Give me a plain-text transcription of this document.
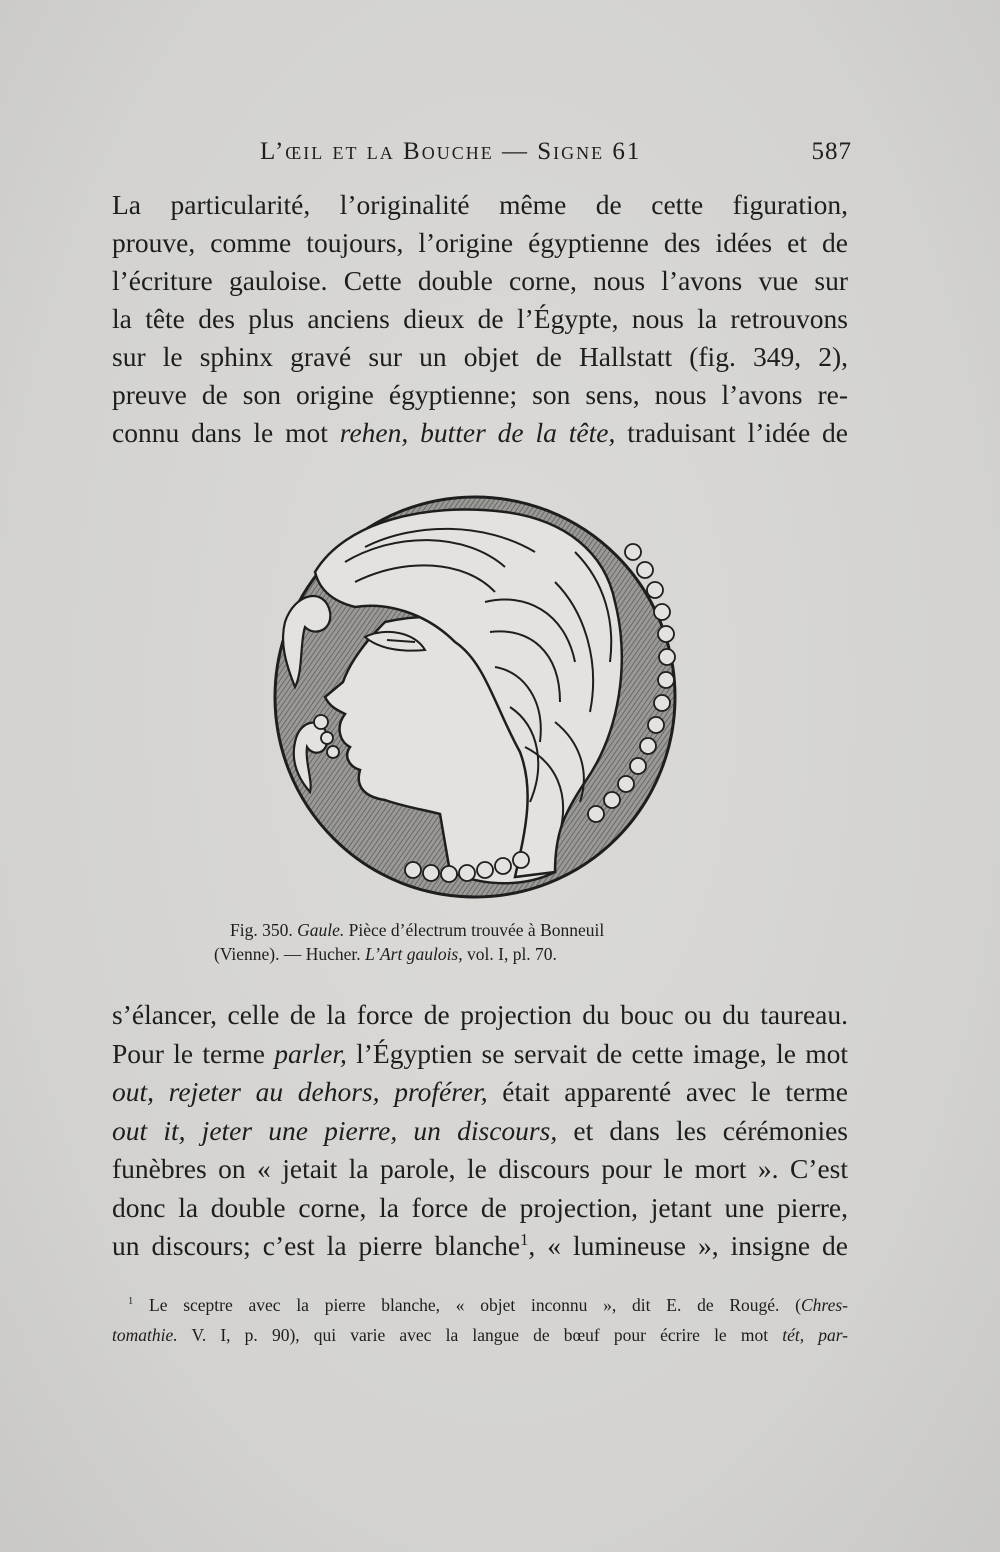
L’œil et la Bouche — Signe 61	587
La particularité, l’originalité même de cette figuration,
prouve, comme toujours, l’origine égyptienne des idées et de
l’écriture gauloise. Cette double corne, nous l’avons vue sur
la tête des plus anciens dieux de l’Égypte, nous la retrouvons
sur le sphinx gravé sur un objet de Hallstatt (fig. 349, 2),
preuve de son origine égyptienne; son sens, nous l’avons re-
connu dans le mot rehen, butter de la tête, traduisant l’idée de
Fig. 350. Gaule. Pièce d’électrum trouvée à Bonneuil
(Vienne). — Hucher. L’Art gaulois, vol. I, pl. 70.
s’élancer, celle de la force de projection du bouc ou du taureau.
Pour le terme parler, l’Égyptien se servait de cette image, le mot
out, rejeter au dehors, proférer, était apparenté avec le terme
out it, jeter une pierre, un discours, et dans les cérémonies
funèbres on « jetait la parole, le discours pour le mort ». C’est
donc la double corne, la force de projection, jetant une pierre,
un discours; c’est la pierre blanche$^1$, « lumineuse », insigne de
$^1$ Le sceptre avec la pierre blanche, « objet inconnu », dit E. de Rougé. (Chres-
tomathie. V. I, p. 90), qui varie avec la langue de bœuf pour écrire le mot tét, par-
